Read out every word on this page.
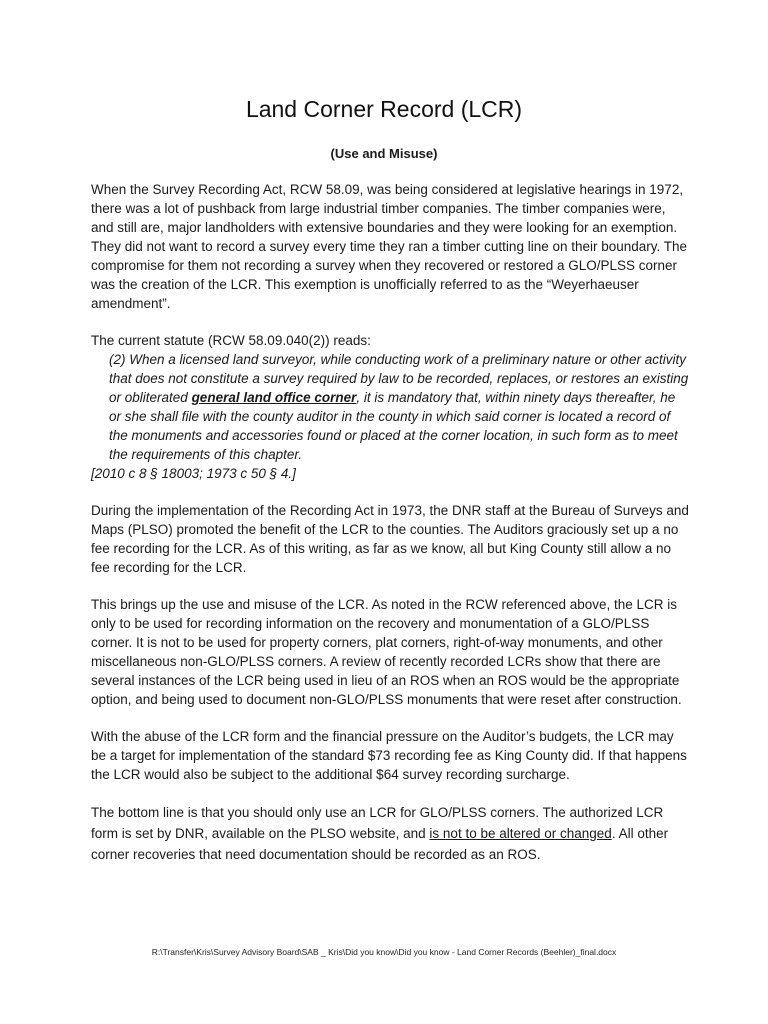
Land Corner Record (LCR)
(Use and Misuse)

When the Survey Recording Act, RCW 58.09, was being considered at legislative hearings in 1972, there was a lot of pushback from large industrial timber companies. The timber companies were, and still are, major landholders with extensive boundaries and they were looking for an exemption. They did not want to record a survey every time they ran a timber cutting line on their boundary. The compromise for them not recording a survey when they recovered or restored a GLO/PLSS corner was the creation of the LCR. This exemption is unofficially referred to as the “Weyerhaeuser amendment”.

The current statute (RCW 58.09.040(2)) reads:
(2) When a licensed land surveyor, while conducting work of a preliminary nature or other activity that does not constitute a survey required by law to be recorded, replaces, or restores an existing or obliterated general land office corner, it is mandatory that, within ninety days thereafter, he or she shall file with the county auditor in the county in which said corner is located a record of the monuments and accessories found or placed at the corner location, in such form as to meet the requirements of this chapter.
[2010 c 8 § 18003; 1973 c 50 § 4.]

During the implementation of the Recording Act in 1973, the DNR staff at the Bureau of Surveys and Maps (PLSO) promoted the benefit of the LCR to the counties. The Auditors graciously set up a no fee recording for the LCR. As of this writing, as far as we know, all but King County still allow a no fee recording for the LCR.

This brings up the use and misuse of the LCR. As noted in the RCW referenced above, the LCR is only to be used for recording information on the recovery and monumentation of a GLO/PLSS corner. It is not to be used for property corners, plat corners, right-of-way monuments, and other miscellaneous non-GLO/PLSS corners. A review of recently recorded LCRs show that there are several instances of the LCR being used in lieu of an ROS when an ROS would be the appropriate option, and being used to document non-GLO/PLSS monuments that were reset after construction.

With the abuse of the LCR form and the financial pressure on the Auditor’s budgets, the LCR may be a target for implementation of the standard $73 recording fee as King County did. If that happens the LCR would also be subject to the additional $64 survey recording surcharge.

The bottom line is that you should only use an LCR for GLO/PLSS corners. The authorized LCR form is set by DNR, available on the PLSO website, and is not to be altered or changed. All other corner recoveries that need documentation should be recorded as an ROS.

R:\Transfer\Kris\Survey Advisory Board\SAB _ Kris\Did you know\Did you know - Land Corner Records (Beehler)_final.docx
